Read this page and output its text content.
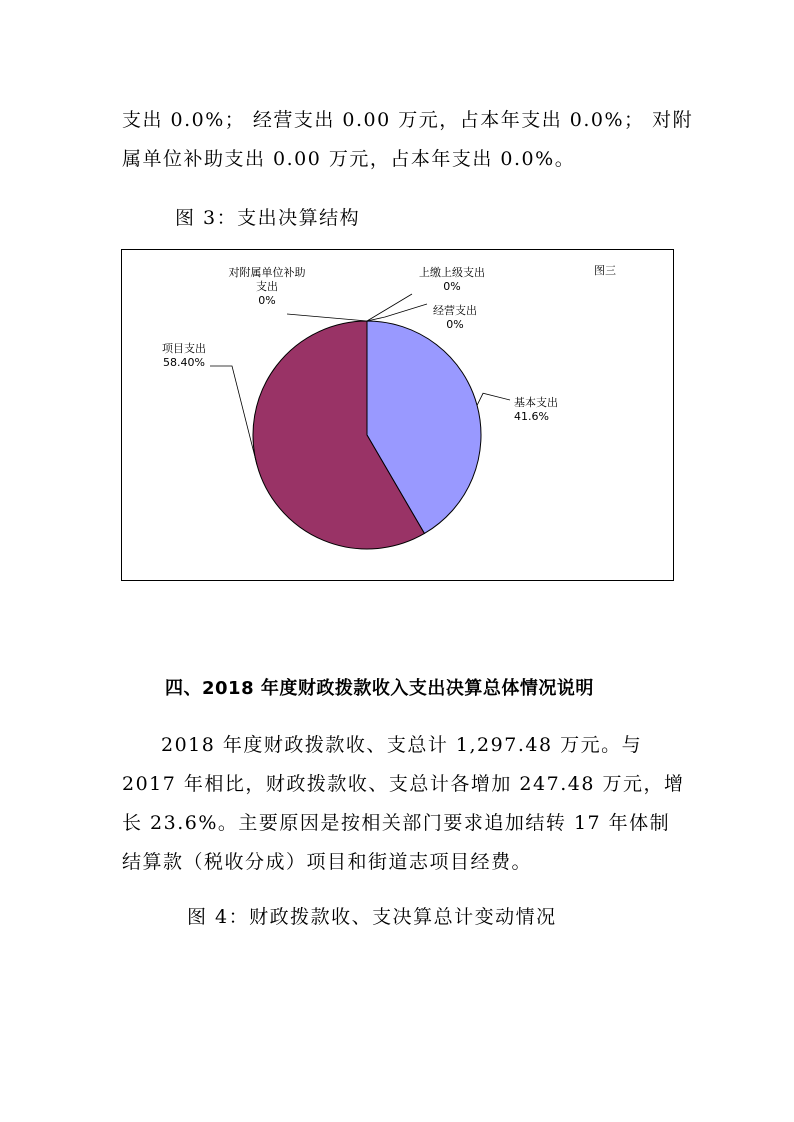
支出 0.0%； 经营支出 0.00 万元，占本年支出 0.0%； 对附
属单位补助支出 0.00 万元，占本年支出 0.0%。
图 3：支出决算结构
图三
基本支出
41.6%
经营支出
0%
上缴上级支出
0%
对附属单位补助
支出
0%
项目支出
58.40%
四、2018 年度财政拨款收入支出决算总体情况说明
2018 年度财政拨款收、支总计 1,297.48 万元。与
2017 年相比，财政拨款收、支总计各增加 247.48 万元，增
长 23.6%。主要原因是按相关部门要求追加结转 17 年体制
结算款（税收分成）项目和街道志项目经费。
图 4：财政拨款收、支决算总计变动情况
